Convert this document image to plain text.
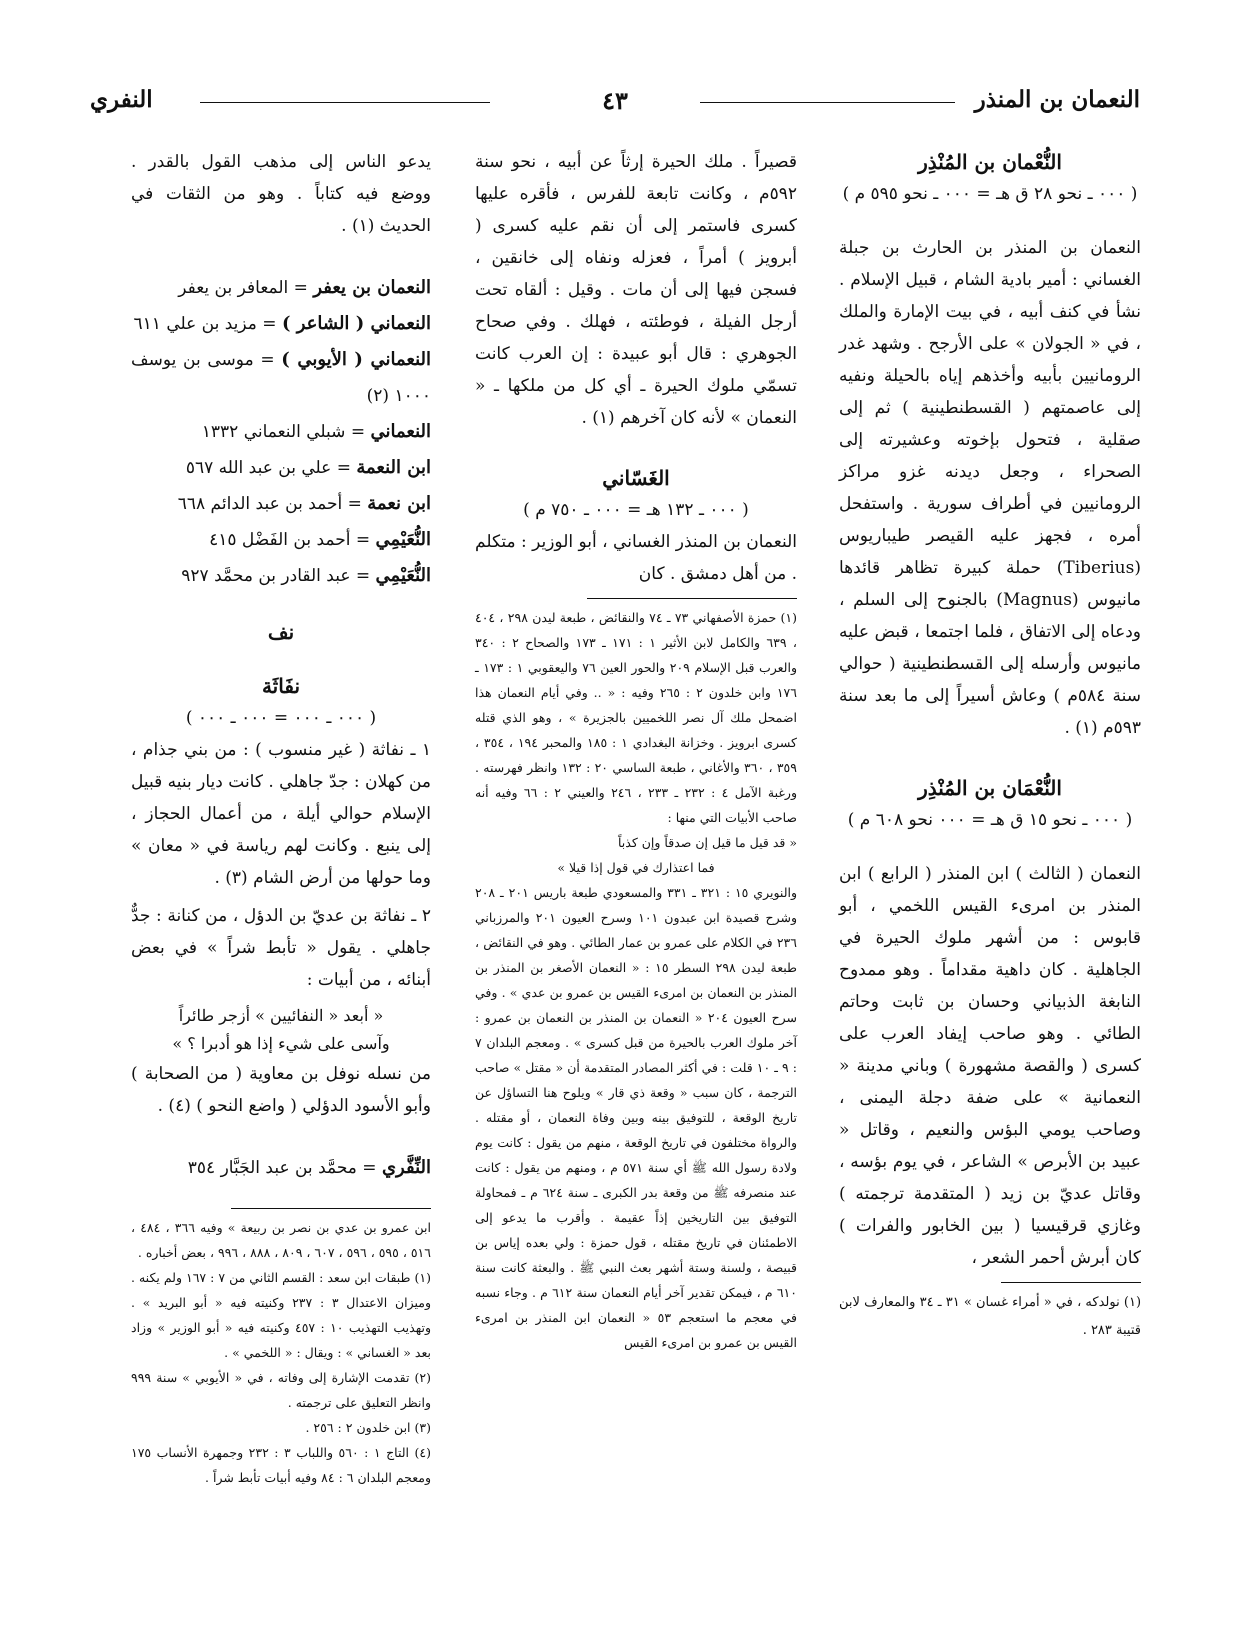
النعمان بن المنذر
٤٣
النفري
النُّعْمان بن المُنْذِر
( ٠٠٠ ـ نحو ٢٨ ق هـ = ٠٠٠ ـ نحو ٥٩٥ م )

النعمان بن المنذر بن الحارث بن جبلة الغساني : أمير بادية الشام ، قبيل الإسلام . نشأ في كنف أبيه ، في بيت الإمارة والملك ، في « الجولان » على الأرجح . وشهد غدر الرومانيين بأبيه وأخذهم إياه بالحيلة ونفيه إلى عاصمتهم ( القسطنطينية ) ثم إلى صقلية ، فتحول بإخوته وعشيرته إلى الصحراء ، وجعل ديدنه غزو مراكز الرومانيين في أطراف سورية . واستفحل أمره ، فجهز عليه القيصر طيباريوس (Tiberius) حملة كبيرة تظاهر قائدها مانيوس (Magnus) بالجنوح إلى السلم ، ودعاه إلى الاتفاق ، فلما اجتمعا ، قبض عليه مانيوس وأرسله إلى القسطنطينية ( حوالي سنة ٥٨٤م ) وعاش أسيراً إلى ما بعد سنة ٥٩٣م (١) .

النُّعْمَان بن المُنْذِر
( ٠٠٠ ـ نحو ١٥ ق هـ = ٠٠٠ نحو ٦٠٨ م )

النعمان ( الثالث ) ابن المنذر ( الرابع ) ابن المنذر بن امرىء القيس اللخمي ، أبو قابوس : من أشهر ملوك الحيرة في الجاهلية . كان داهية مقداماً . وهو ممدوح النابغة الذبياني وحسان بن ثابت وحاتم الطائي . وهو صاحب إيفاد العرب على كسرى ( والقصة مشهورة ) وباني مدينة « النعمانية » على ضفة دجلة اليمنى ، وصاحب يومي البؤس والنعيم ، وقاتل « عبيد بن الأبرص » الشاعر ، في يوم بؤسه ، وقاتل عديّ بن زيد ( المتقدمة ترجمته ) وغازي قرقيسيا ( بين الخابور والفرات ) كان أبرش أحمر الشعر ،

(١) نولدكه ، في « أمراء غسان » ٣١ ـ ٣٤ والمعارف لابن قتيبة ٢٨٣ .

قصيراً . ملك الحيرة إرثاً عن أبيه ، نحو سنة ٥٩٢م ، وكانت تابعة للفرس ، فأقره عليها كسرى فاستمر إلى أن نقم عليه كسرى ( أبرويز ) أمراً ، فعزله ونفاه إلى خانقين ، فسجن فيها إلى أن مات . وقيل : ألقاه تحت أرجل الفيلة ، فوطئته ، فهلك . وفي صحاح الجوهري : قال أبو عبيدة : إن العرب كانت تسمّي ملوك الحيرة ـ أي كل من ملكها ـ « النعمان » لأنه كان آخرهم (١) .

الغَسّاني
( ٠٠٠ ـ ١٣٢ هـ = ٠٠٠ ـ ٧٥٠ م )

النعمان بن المنذر الغساني ، أبو الوزير : متكلم . من أهل دمشق . كان

(١) حمزة الأصفهاني ٧٣ ـ ٧٤ والنقائض ، طبعة ليدن ٢٩٨ ، ٤٠٤ ، ٦٣٩ والكامل لابن الأثير ١ : ١٧١ ـ ١٧٣ والصحاح ٢ : ٣٤٠ والعرب قبل الإسلام ٢٠٩ والحور العين ٧٦ واليعقوبي ١ : ١٧٣ ـ ١٧٦ وابن خلدون ٢ : ٢٦٥ وفيه : « .. وفي أيام النعمان هذا اضمحل ملك آل نصر اللخميين بالجزيرة » ، وهو الذي قتله كسرى ابرويز . وخزانة البغدادي ١ : ١٨٥ والمحبر ١٩٤ ، ٣٥٤ ، ٣٥٩ ، ٣٦٠ والأغاني ، طبعة الساسي ٢٠ : ١٣٢ وانظر فهرسته . ورغبة الآمل ٤ : ٢٣٢ ـ ٢٣٣ ، ٢٤٦ والعيني ٢ : ٦٦ وفيه أنه صاحب الأبيات التي منها :
« قد قيل ما قيل إن صدقاً وإن كذباً
فما اعتذارك في قول إذا قيلا »
والنويري ١٥ : ٣٢١ ـ ٣٣١ والمسعودي طبعة باريس ٢٠١ ـ ٢٠٨ وشرح قصيدة ابن عبدون ١٠١ وسرح العيون ٢٠١ والمرزباني ٢٣٦ في الكلام على عمرو بن عمار الطائي . وهو في النقائض ، طبعة ليدن ٢٩٨ السطر ١٥ : « النعمان الأصغر بن المنذر بن المنذر بن النعمان بن امرىء القيس بن عمرو بن عدي » . وفي سرح العيون ٢٠٤ « النعمان بن المنذر بن النعمان بن عمرو : آخر ملوك العرب بالحيرة من قبل كسرى » . ومعجم البلدان ٧ : ٩ ـ ١٠ قلت : في أكثر المصادر المتقدمة أن « مقتل » صاحب الترجمة ، كان سبب « وقعة ذي قار » ويلوح هنا التساؤل عن تاريخ الوقعة ، للتوفيق بينه وبين وفاة النعمان ، أو مقتله . والرواة مختلفون في تاريخ الوقعة ، منهم من يقول : كانت يوم ولادة رسول الله ﷺ أي سنة ٥٧١ م ، ومنهم من يقول : كانت عند منصرفه ﷺ من وقعة بدر الكبرى ـ سنة ٦٢٤ م ـ فمحاولة التوفيق بين التاريخين إذاً عقيمة . وأقرب ما يدعو إلى الاطمئنان في تاريخ مقتله ، قول حمزة : ولي بعده إياس بن قبيصة ، ولسنة وستة أشهر بعث النبي ﷺ . والبعثة كانت سنة ٦١٠ م ، فيمكن تقدير آخر أيام النعمان سنة ٦١٢ م . وجاء نسبه في معجم ما استعجم ٥٣ « النعمان ابن المنذر بن امرىء القيس بن عمرو بن امرىء القيس

يدعو الناس إلى مذهب القول بالقدر . ووضع فيه كتاباً . وهو من الثقات في الحديث (١) .

النعمان بن يعفر = المعافر بن يعفر
النعماني ( الشاعر ) = مزيد بن علي ٦١١
النعماني ( الأيوبي ) = موسى بن يوسف ١٠٠٠ (٢)
النعماني = شبلي النعماني ١٣٣٢
ابن النعمة = علي بن عبد الله ٥٦٧
ابن نعمة = أحمد بن عبد الدائم ٦٦٨
النُّعَيْمِي = أحمد بن الفَضْل ٤١٥
النُّعَيْمِي = عبد القادر بن محمَّد ٩٢٧
نف
نفَاثَة
( ٠٠٠ ـ ٠٠٠ = ٠٠٠ ـ ٠٠٠ )

١ ـ نفاثة ( غير منسوب ) : من بني جذام ، من كهلان : جدّ جاهلي . كانت ديار بنيه قبيل الإسلام حوالي أيلة ، من أعمال الحجاز ، إلى ينبع . وكانت لهم رياسة في « معان » وما حولها من أرض الشام (٣) .

٢ ـ نفاثة بن عديّ بن الدؤل ، من كنانة : جدٌّ جاهلي . يقول « تأبط شراً » في بعض أبنائه ، من أبيات :

« أبعد « النفائيين » أزجر طائراً
وآسى على شيء إذا هو أدبرا ؟ »

من نسله نوفل بن معاوية ( من الصحابة ) وأبو الأسود الدؤلي ( واضع النحو ) (٤) .

النِّفَّري = محمَّد بن عبد الجَبَّار ٣٥٤
ابن عمرو بن عدي بن نصر بن ربيعة » وفيه ٣٦٦ ، ٤٨٤ ، ٥١٦ ، ٥٩٥ ، ٥٩٦ ، ٦٠٧ ، ٨٠٩ ، ٨٨٨ ، ٩٩٦ ، بعض أخباره .
(١) طبقات ابن سعد : القسم الثاني من ٧ : ١٦٧ ولم يكنه . وميزان الاعتدال ٣ : ٢٣٧ وكنيته فيه « أبو البريد » . وتهذيب التهذيب ١٠ : ٤٥٧ وكنيته فيه « أبو الوزير » وزاد بعد « الغساني » : ويقال : « اللخمي » .
(٢) تقدمت الإشارة إلى وفاته ، في « الأيوبي » سنة ٩٩٩ وانظر التعليق على ترجمته .
(٣) ابن خلدون ٢ : ٢٥٦ .
(٤) التاج ١ : ٥٦٠ واللباب ٣ : ٢٣٢ وجمهرة الأنساب ١٧٥ ومعجم البلدان ٦ : ٨٤ وفيه أبيات تأبط شراً .
